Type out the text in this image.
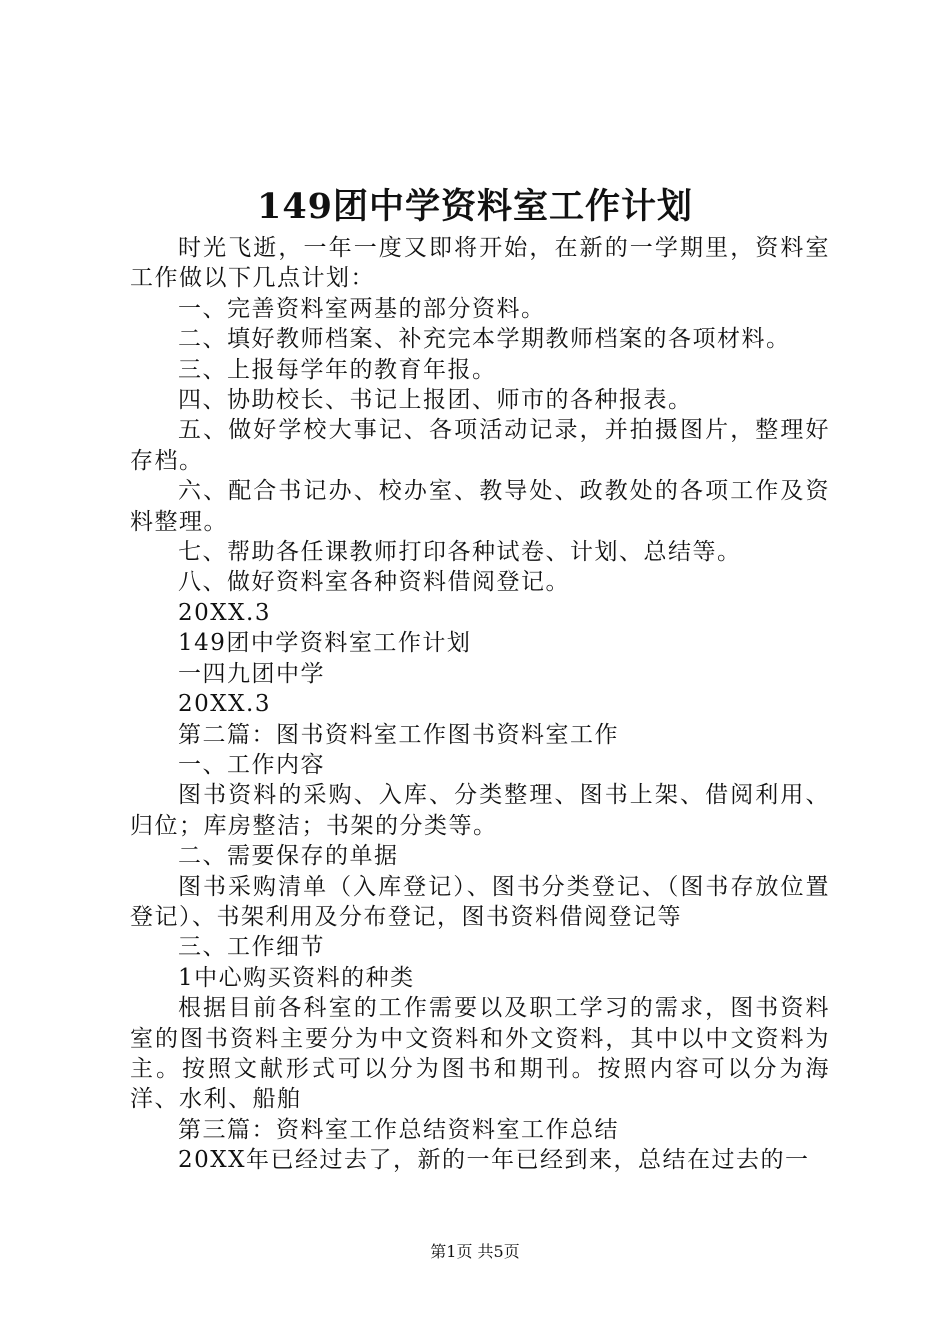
149团中学资料室工作计划

时光飞逝，一年一度又即将开始，在新的一学期里，资料室工作做以下几点计划：

一、完善资料室两基的部分资料。

二、填好教师档案、补充完本学期教师档案的各项材料。

三、上报每学年的教育年报。

四、协助校长、书记上报团、师市的各种报表。

五、做好学校大事记、各项活动记录，并拍摄图片，整理好存档。

六、配合书记办、校办室、教导处、政教处的各项工作及资料整理。

七、帮助各任课教师打印各种试卷、计划、总结等。

八、做好资料室各种资料借阅登记。

20XX.3

149团中学资料室工作计划

一四九团中学

20XX.3

第二篇：图书资料室工作图书资料室工作

一、工作内容

图书资料的采购、入库、分类整理、图书上架、借阅利用、归位；库房整洁；书架的分类等。

二、需要保存的单据

图书采购清单（入库登记）、图书分类登记、（图书存放位置登记）、书架利用及分布登记，图书资料借阅登记等

三、工作细节

1中心购买资料的种类

根据目前各科室的工作需要以及职工学习的需求，图书资料室的图书资料主要分为中文资料和外文资料，其中以中文资料为主。按照文献形式可以分为图书和期刊。按照内容可以分为海洋、水利、船舶

第三篇：资料室工作总结资料室工作总结

20XX年已经过去了，新的一年已经到来，总结在过去的一

第1页 共5页
